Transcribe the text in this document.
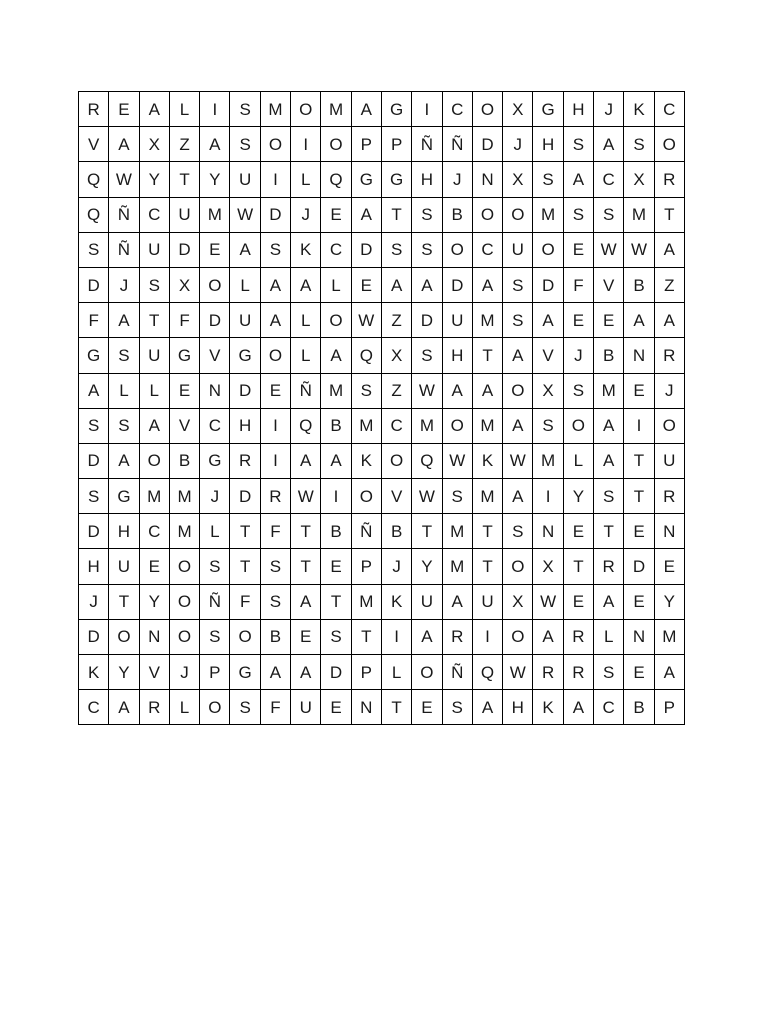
R	E	A	L	I	S	M	O	M	A	G	I	C	O	X	G	H	J	K	C
V	A	X	Z	A	S	O	I	O	P	P	Ñ	Ñ	D	J	H	S	A	S	O
Q	W	Y	T	Y	U	I	L	Q	G	G	H	J	N	X	S	A	C	X	R
Q	Ñ	C	U	M	W	D	J	E	A	T	S	B	O	O	M	S	S	M	T
S	Ñ	U	D	E	A	S	K	C	D	S	S	O	C	U	O	E	W	W	A
D	J	S	X	O	L	A	A	L	E	A	A	D	A	S	D	F	V	B	Z
F	A	T	F	D	U	A	L	O	W	Z	D	U	M	S	A	E	E	A	A
G	S	U	G	V	G	O	L	A	Q	X	S	H	T	A	V	J	B	N	R
A	L	L	E	N	D	E	Ñ	M	S	Z	W	A	A	O	X	S	M	E	J
S	S	A	V	C	H	I	Q	B	M	C	M	O	M	A	S	O	A	I	O
D	A	O	B	G	R	I	A	A	K	O	Q	W	K	W	M	L	A	T	U
S	G	M	M	J	D	R	W	I	O	V	W	S	M	A	I	Y	S	T	R
D	H	C	M	L	T	F	T	B	Ñ	B	T	M	T	S	N	E	T	E	N
H	U	E	O	S	T	S	T	E	P	J	Y	M	T	O	X	T	R	D	E
J	T	Y	O	Ñ	F	S	A	T	M	K	U	A	U	X	W	E	A	E	Y
D	O	N	O	S	O	B	E	S	T	I	A	R	I	O	A	R	L	N	M
K	Y	V	J	P	G	A	A	D	P	L	O	Ñ	Q	W	R	R	S	E	A
C	A	R	L	O	S	F	U	E	N	T	E	S	A	H	K	A	C	B	P
